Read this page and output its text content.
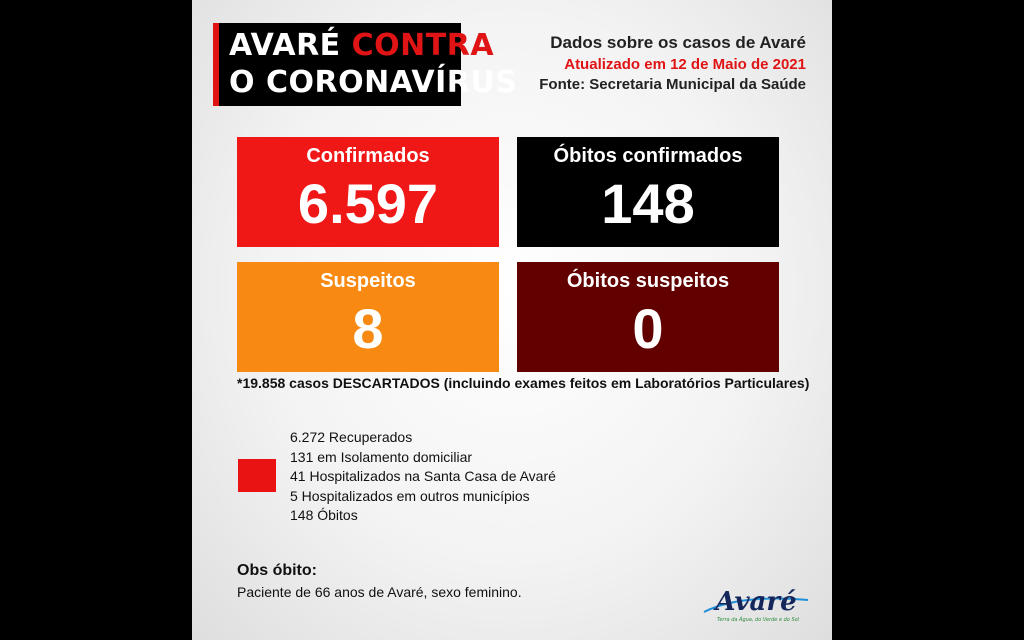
AVARÉ CONTRA
O CORONAVÍRUS
Dados sobre os casos de Avaré
Atualizado em 12 de Maio de 2021
Fonte: Secretaria Municipal da Saúde
Confirmados
6.597
Óbitos confirmados
148
Suspeitos
8
Óbitos suspeitos
0
*19.858 casos DESCARTADOS (incluindo exames feitos em Laboratórios Particulares)
6.272 Recuperados
131 em Isolamento domiciliar
41 Hospitalizados na Santa Casa de Avaré
5 Hospitalizados em outros municípios
148 Óbitos
Obs óbito:
Paciente de 66 anos de Avaré, sexo feminino.	Avaré
Terra da Água, do Verde e do Sol
